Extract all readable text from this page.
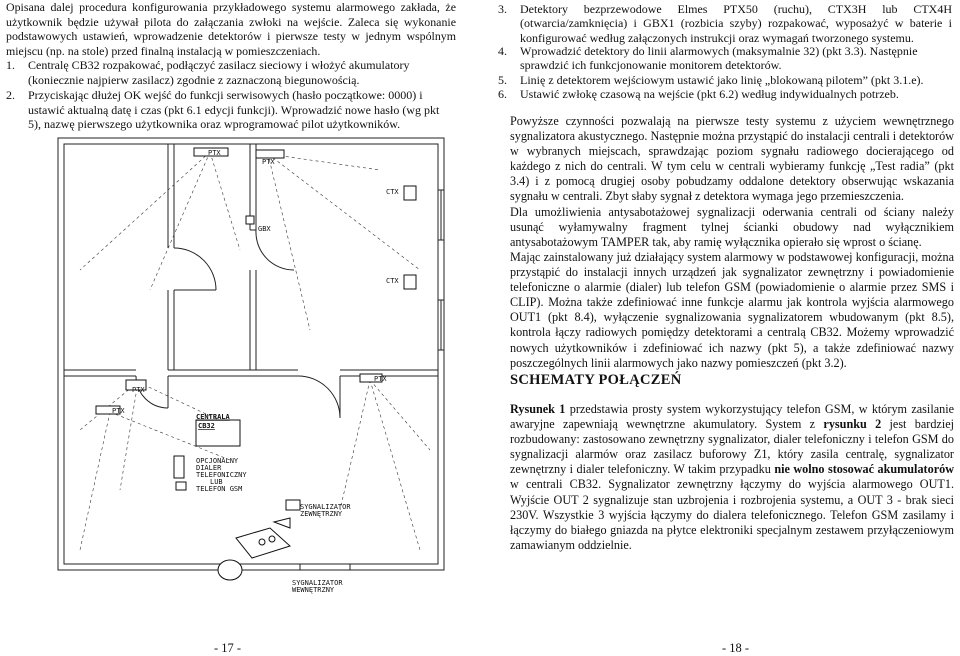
Opisana dalej procedura konfigurowania przykładowego systemu alarmowego zakłada, że użytkownik będzie używał pilota do załączania zwłoki na wejście. Zaleca się wykonanie podstawowych ustawień, wprowadzenie detektorów i pierwsze testy w jednym wspólnym miejscu (np. na stole) przed finalną instalacją w pomieszczeniach.

1. Centralę CB32 rozpakować, podłączyć zasilacz sieciowy i włożyć akumulatory (koniecznie najpierw zasilacz) zgodnie z zaznaczoną biegunowością.
2. Przyciskając dłużej OK wejść do funkcji serwisowych (hasło początkowe: 0000) i ustawić aktualną datę i czas (pkt 6.1 edycji funkcji). Wprowadzić nowe hasło (wg pkt 5), nazwę pierwszego użytkownika oraz wprogramować pilot użytkowników.
PTX
PTX
CTX
GBX
CTX
PTX
PTX
PTX
CENTRALA
CB32
OPCJONALNY
DIALER
TELEFONICZNY
LUB
TELEFON GSM
SYGNALIZATOR
ZEWNĘTRZNY
SYGNALIZATOR
WEWNĘTRZNY
- 17 -
3. Detektory bezprzewodowe Elmes PTX50 (ruchu), CTX3H lub CTX4H (otwarcia/zamknięcia) i GBX1 (rozbicia szyby) rozpakować, wyposażyć w baterie i konfigurować według załączonych instrukcji oraz wymagań tworzonego systemu.
4. Wprowadzić detektory do linii alarmowych (maksymalnie 32) (pkt 3.3). Następnie sprawdzić ich funkcjonowanie monitorem detektorów.
5. Linię z detektorem wejściowym ustawić jako linię „blokowaną pilotem” (pkt 3.1.e).
6. Ustawić zwłokę czasową na wejście (pkt 6.2) według indywidualnych potrzeb.

Powyższe czynności pozwalają na pierwsze testy systemu z użyciem wewnętrznego sygnalizatora akustycznego. Następnie można przystąpić do instalacji centrali i detektorów w wybranych miejscach, sprawdzając poziom sygnału radiowego docierającego od każdego z nich do centrali. W tym celu w centrali wybieramy funkcję „Test radia” (pkt 3.4) i z pomocą drugiej osoby pobudzamy oddalone detektory obserwując wskazania sygnału w centrali. Zbyt słaby sygnał z detektora wymaga jego przemieszczenia.

Dla umożliwienia antysabotażowej sygnalizacji oderwania centrali od ściany należy usunąć wyłamywalny fragment tylnej ścianki obudowy nad wyłącznikiem antysabotażowym TAMPER tak, aby ramię wyłącznika opierało się wprost o ścianę.

Mając zainstalowany już działający system alarmowy w podstawowej konfiguracji, można przystąpić do instalacji innych urządzeń jak sygnalizator zewnętrzny i powiadomienie telefoniczne o alarmie (dialer) lub telefon GSM (powiadomienie o alarmie przez SMS i CLIP). Można także zdefiniować inne funkcje alarmu jak kontrola wyjścia alarmowego OUT1 (pkt 8.4), wyłączenie sygnalizowania sygnalizatorem wbudowanym (pkt 8.5), kontrola łączy radiowych pomiędzy detektorami a centralą CB32. Możemy wprowadzić nowych użytkowników i zdefiniować ich nazwy (pkt 5), a także zdefiniować nazwy poszczególnych linii alarmowych jako nazwy pomieszczeń (pkt 3.2).

SCHEMATY POŁĄCZEŃ

Rysunek 1 przedstawia prosty system wykorzystujący telefon GSM, w którym zasilanie awaryjne zapewniają wewnętrzne akumulatory. System z rysunku 2 jest bardziej rozbudowany: zastosowano zewnętrzny sygnalizator, dialer telefoniczny i telefon GSM do sygnalizacji alarmów oraz zasilacz buforowy Z1, który zasila centralę, sygnalizator zewnętrzny i dialer telefoniczny. W takim przypadku nie wolno stosować akumulatorów w centrali CB32. Sygnalizator zewnętrzny łączymy do wyjścia alarmowego OUT1. Wyjście OUT 2 sygnalizuje stan uzbrojenia i rozbrojenia systemu, a OUT 3 - brak sieci 230V. Wszystkie 3 wyjścia łączymy do dialera telefonicznego. Telefon GSM zasilamy i łączymy do białego gniazda na płytce elektroniki specjalnym zestawem przyłączeniowym zamawianym oddzielnie.

- 18 -
